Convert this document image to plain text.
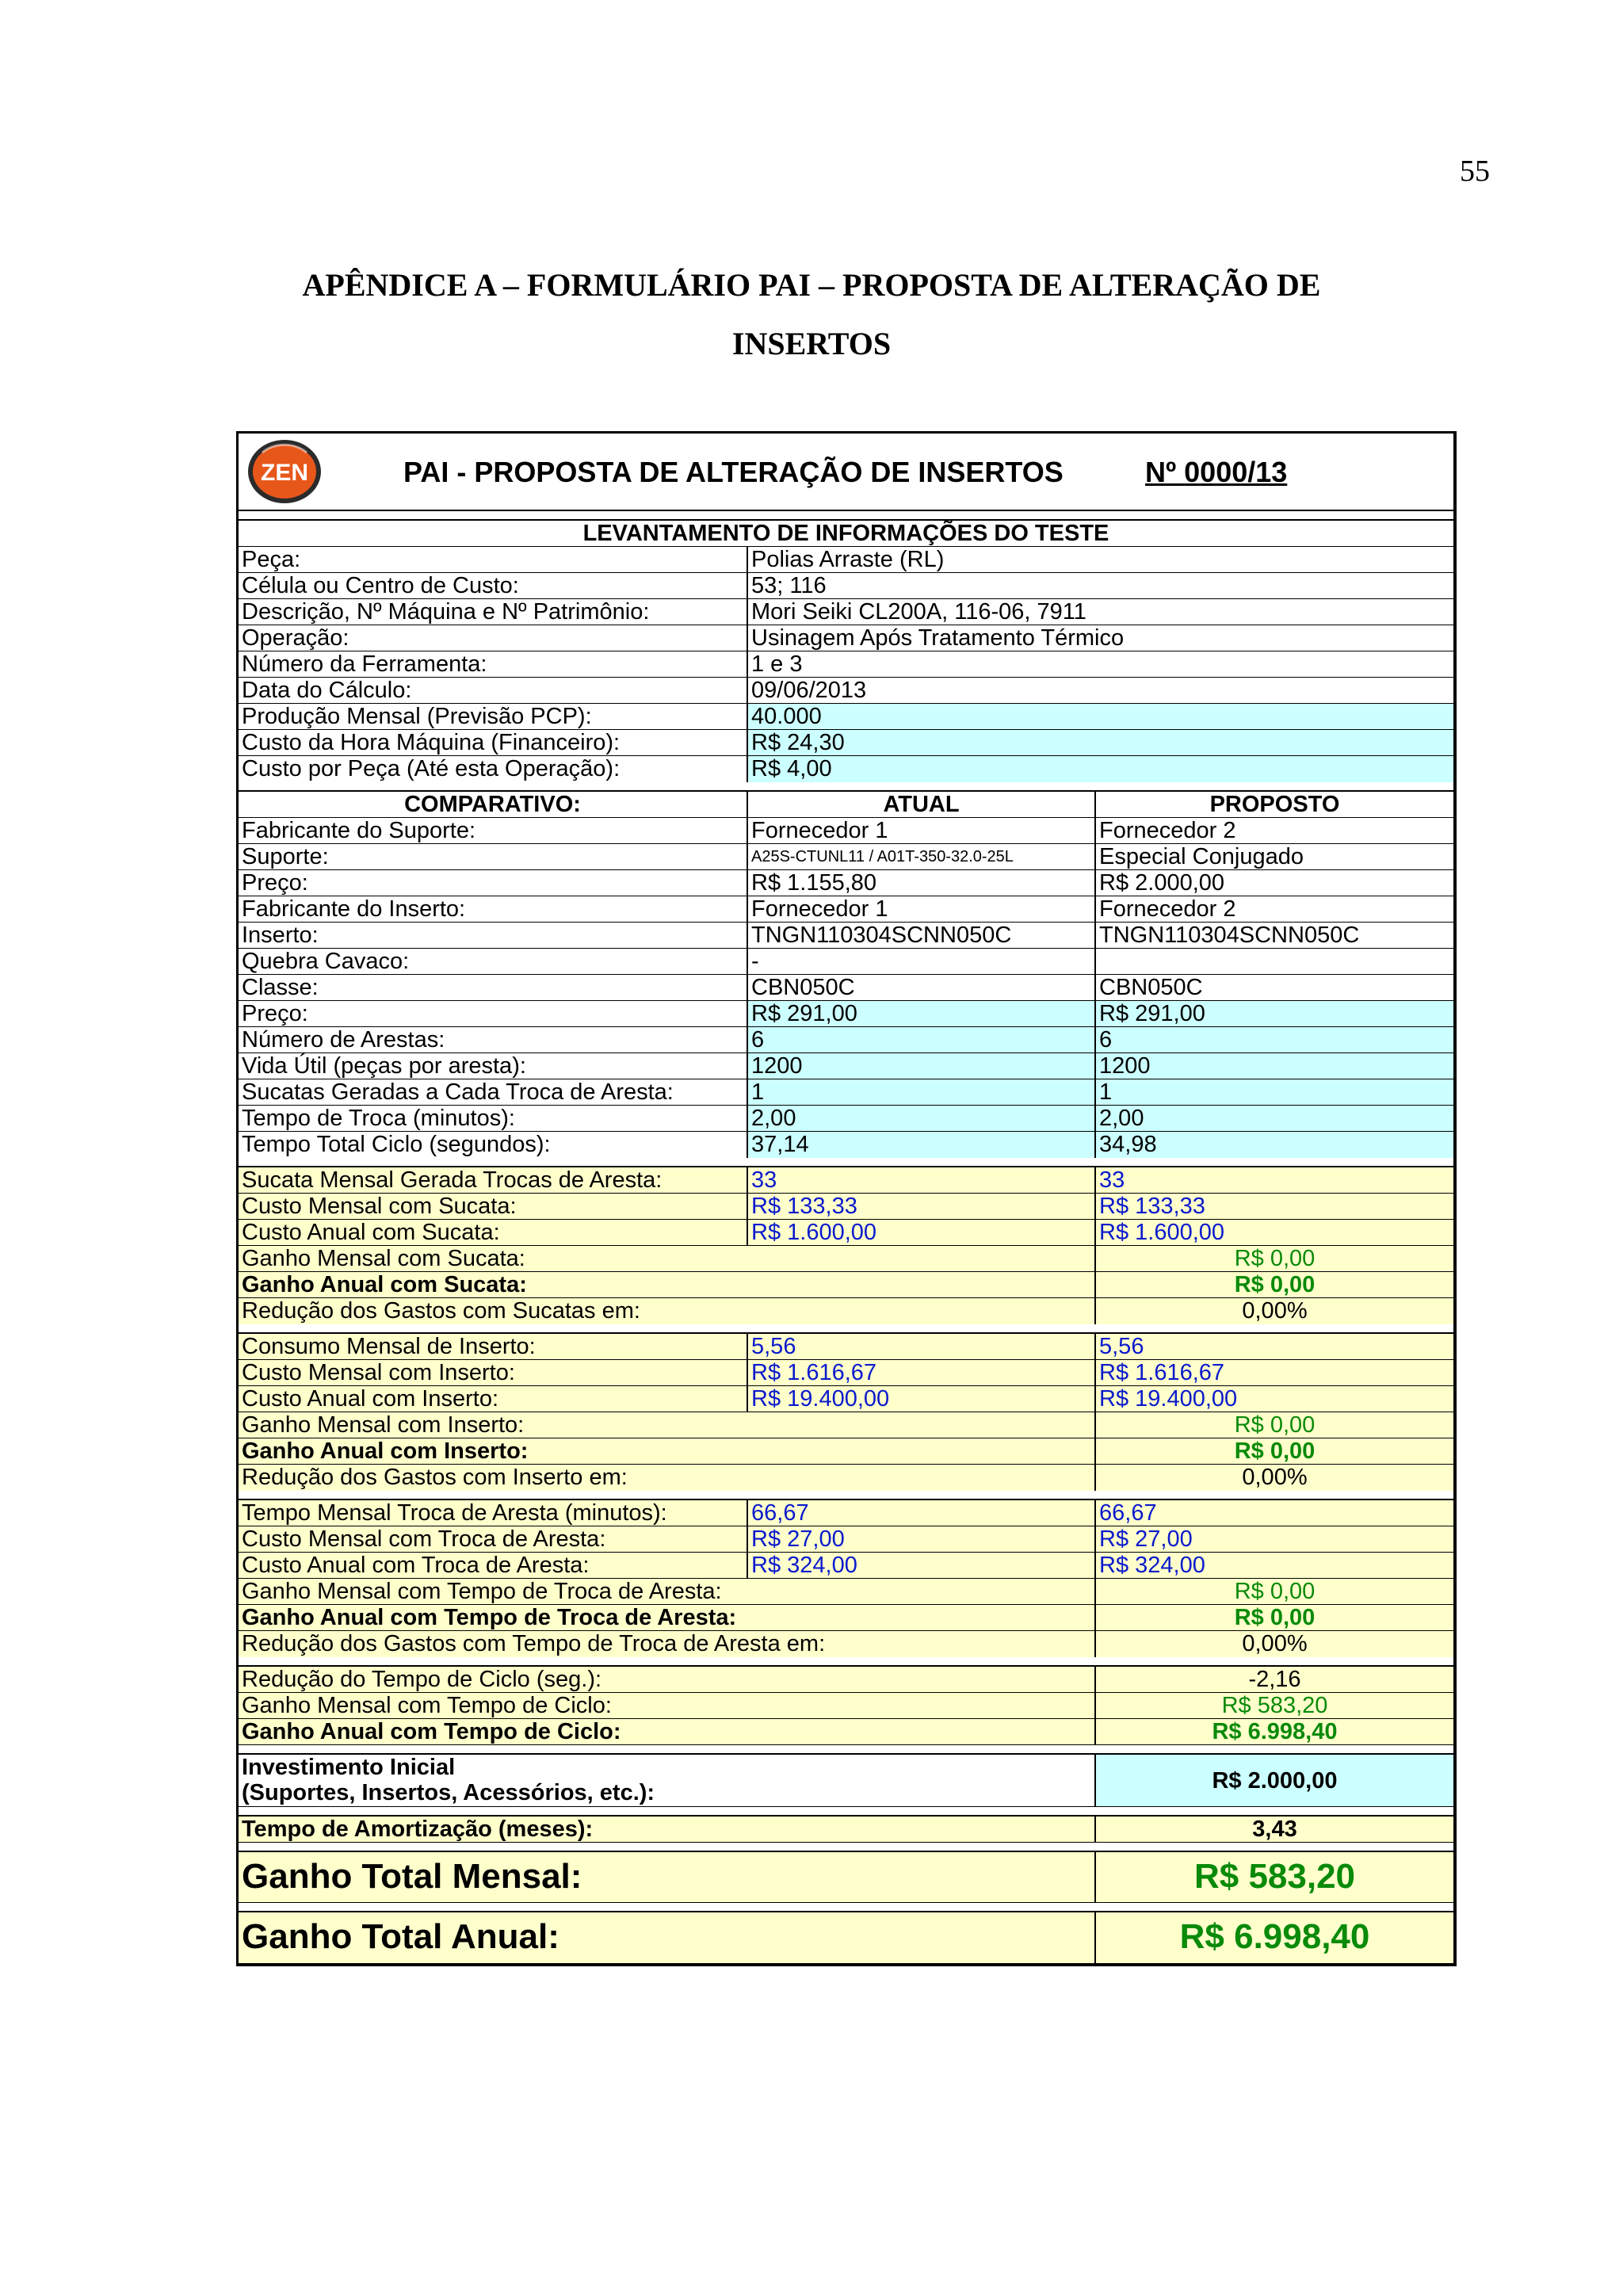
55
APÊNDICE A – FORMULÁRIO PAI – PROPOSTA DE ALTERAÇÃO DE
INSERTOS
ZEN	PAI - PROPOSTA DE ALTERAÇÃO DE INSERTOS	Nº 0000/13
LEVANTAMENTO DE INFORMAÇÕES DO TESTE
Peça:	Polias Arraste (RL)
Célula ou Centro de Custo:	53; 116
Descrição, Nº Máquina e Nº Patrimônio:	Mori Seiki CL200A, 116-06, 7911
Operação:	Usinagem Após Tratamento Térmico
Número da Ferramenta:	1 e 3
Data do Cálculo:	09/06/2013
Produção Mensal (Previsão PCP):	40.000
Custo da Hora Máquina (Financeiro):	R$ 24,30
Custo por Peça (Até esta Operação):	R$ 4,00
COMPARATIVO:	ATUAL	PROPOSTO
Fabricante do Suporte:	Fornecedor 1	Fornecedor 2
Suporte:	A25S-CTUNL11 / A01T-350-32.0-25L	Especial Conjugado
Preço:	R$ 1.155,80	R$ 2.000,00
Fabricante do Inserto:	Fornecedor 1	Fornecedor 2
Inserto:	TNGN110304SCNN050C	TNGN110304SCNN050C
Quebra Cavaco:	-
Classe:	CBN050C	CBN050C
Preço:	R$ 291,00	R$ 291,00
Número de Arestas:	6	6
Vida Útil (peças por aresta):	1200	1200
Sucatas Geradas a Cada Troca de Aresta:	1	1
Tempo de Troca (minutos):	2,00	2,00
Tempo Total Ciclo (segundos):	37,14	34,98
Sucata Mensal Gerada Trocas de Aresta:	33	33
Custo Mensal com Sucata:	R$ 133,33	R$ 133,33
Custo Anual com Sucata:	R$ 1.600,00	R$ 1.600,00
Ganho Mensal com Sucata:	R$ 0,00
Ganho Anual com Sucata:	R$ 0,00
Redução dos Gastos com Sucatas em:	0,00%
Consumo Mensal de Inserto:	5,56	5,56
Custo Mensal com Inserto:	R$ 1.616,67	R$ 1.616,67
Custo Anual com Inserto:	R$ 19.400,00	R$ 19.400,00
Ganho Mensal com Inserto:	R$ 0,00
Ganho Anual com Inserto:	R$ 0,00
Redução dos Gastos com Inserto em:	0,00%
Tempo Mensal Troca de Aresta (minutos):	66,67	66,67
Custo Mensal com Troca de Aresta:	R$ 27,00	R$ 27,00
Custo Anual com Troca de Aresta:	R$ 324,00	R$ 324,00
Ganho Mensal com Tempo de Troca de Aresta:	R$ 0,00
Ganho Anual com Tempo de Troca de Aresta:	R$ 0,00
Redução dos Gastos com Tempo de Troca de Aresta em:	0,00%
Redução do Tempo de Ciclo (seg.):	-2,16
Ganho Mensal com Tempo de Ciclo:	R$ 583,20
Ganho Anual com Tempo de Ciclo:	R$ 6.998,40
Investimento Inicial
(Suportes, Insertos, Acessórios, etc.):	R$ 2.000,00
Tempo de Amortização (meses):	3,43
Ganho Total Mensal:	R$ 583,20
Ganho Total Anual:	R$ 6.998,40
